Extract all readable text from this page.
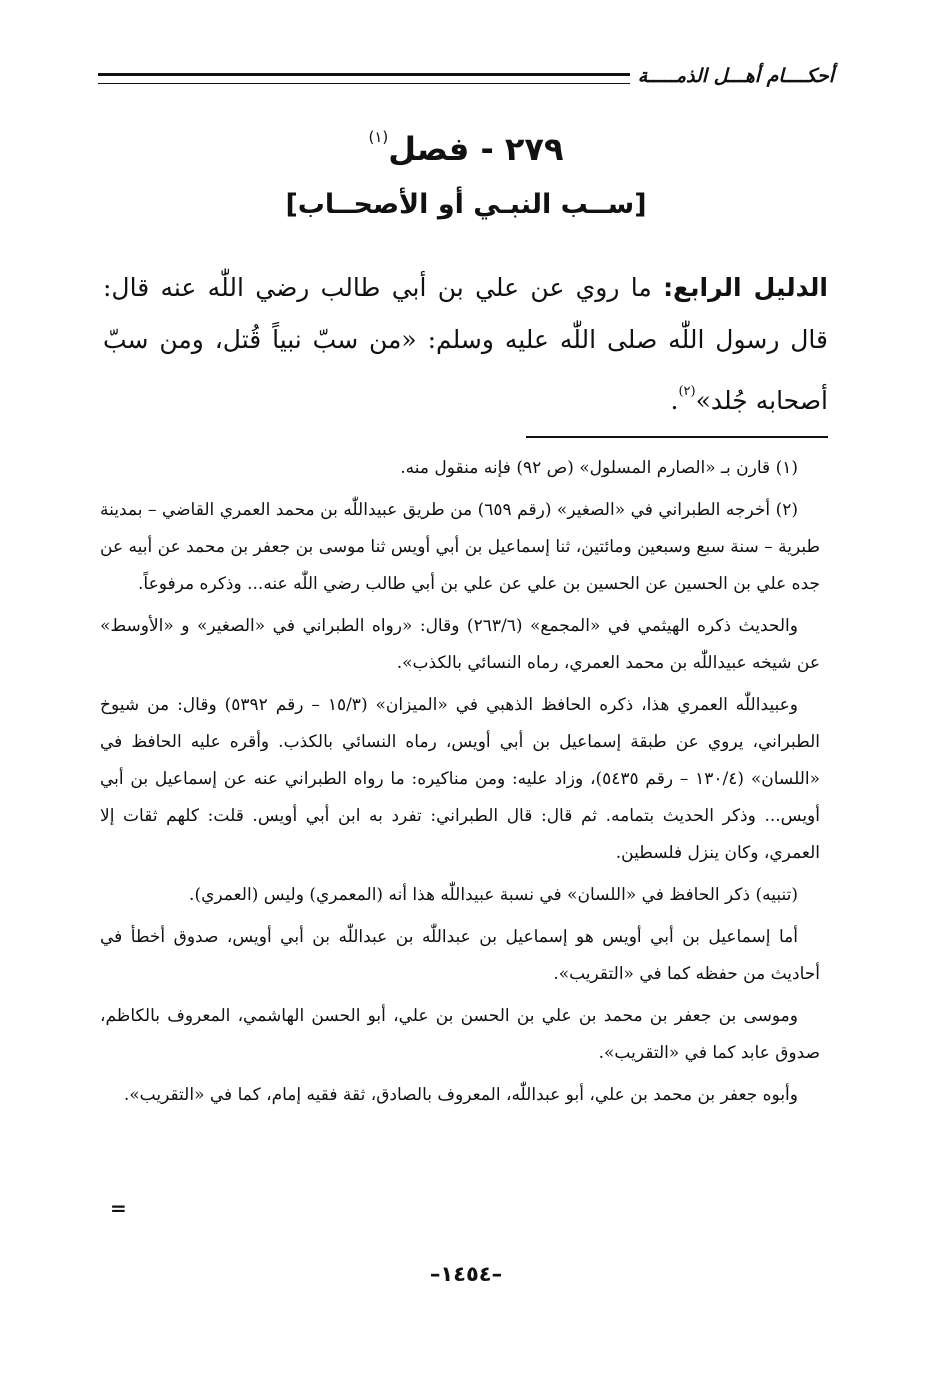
أحكــــام أهـــل الذمـــــة
٢٧٩ - فصل$^{(١)}$
[ســب النبـي أو الأصحــاب]
الدليل الرابع: ما روي عن علي بن أبي طالب رضي اللّٰه عنه قال: قال رسول اللّٰه صلى اللّٰه عليه وسلم: «من سبّ نبياً قُتل، ومن سبّ أصحابه جُلد»$^{(٢)}$.

(١) قارن بـ «الصارم المسلول» (ص ٩٢) فإنه منقول منه.

(٢) أخرجه الطبراني في «الصغير» (رقم ٦٥٩) من طريق عبيداللّٰه بن محمد العمري القاضي – بمدينة طبرية – سنة سبع وسبعين ومائتين، ثنا إسماعيل بن أبي أويس ثنا موسى بن جعفر بن محمد عن أبيه عن جده علي بن الحسين عن الحسين بن علي عن علي بن أبي طالب رضي اللّٰه عنه... وذكره مرفوعاً.

والحديث ذكره الهيثمي في «المجمع» (٢٦٣/٦) وقال: «رواه الطبراني في «الصغير» و «الأوسط» عن شيخه عبيداللّٰه بن محمد العمري، رماه النسائي بالكذب».

وعبيداللّٰه العمري هذا، ذكره الحافظ الذهبي في «الميزان» (١٥/٣ – رقم ٥٣٩٢) وقال: من شيوخ الطبراني، يروي عن طبقة إسماعيل بن أبي أويس، رماه النسائي بالكذب. وأقره عليه الحافظ في «اللسان» (١٣٠/٤ – رقم ٥٤٣٥)، وزاد عليه: ومن مناكيره: ما رواه الطبراني عنه عن إسماعيل بن أبي أويس... وذكر الحديث بتمامه. ثم قال: قال الطبراني: تفرد به ابن أبي أويس. قلت: كلهم ثقات إلا العمري، وكان ينزل فلسطين.

(تنبيه) ذكر الحافظ في «اللسان» في نسبة عبيداللّٰه هذا أنه (المعمري) وليس (العمري).

أما إسماعيل بن أبي أويس هو إسماعيل بن عبداللّٰه بن عبداللّٰه بن أبي أويس، صدوق أخطأ في أحاديث من حفظه كما في «التقريب».

وموسى بن جعفر بن محمد بن علي بن الحسن بن علي، أبو الحسن الهاشمي، المعروف بالكاظم، صدوق عابد كما في «التقريب».

وأبوه جعفر بن محمد بن علي، أبو عبداللّٰه، المعروف بالصادق، ثقة فقيه إمام، كما في «التقريب».

=
–١٤٥٤–
